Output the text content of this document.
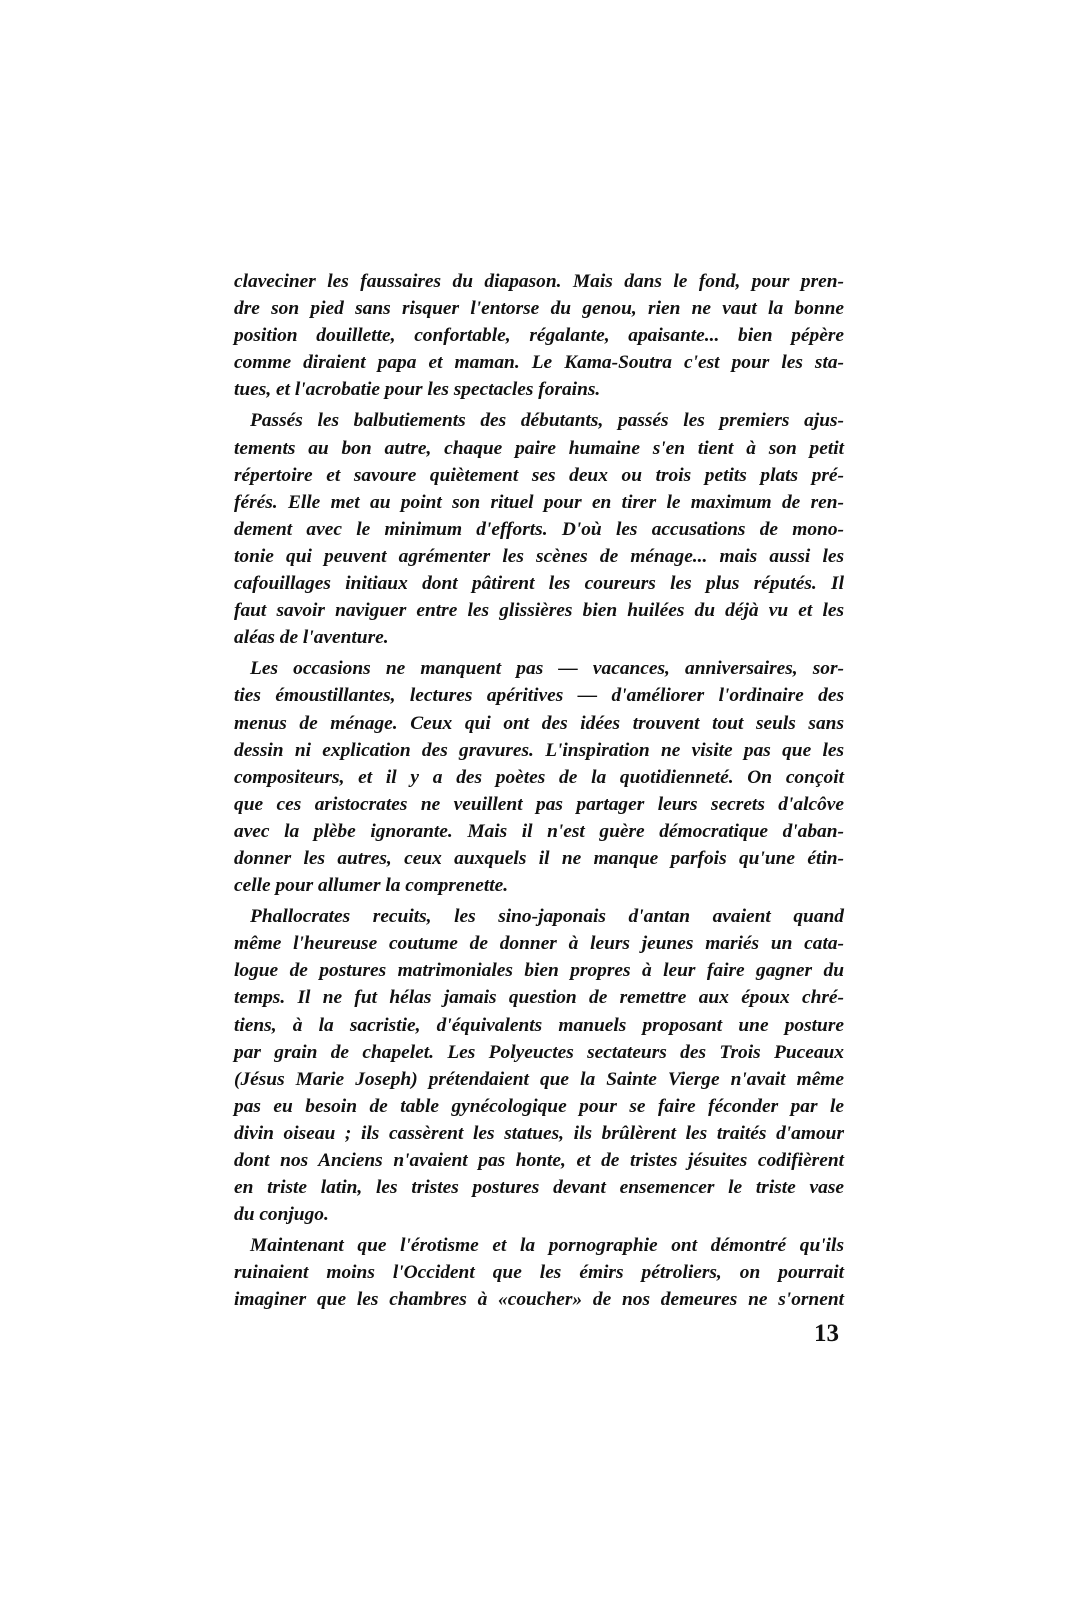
claveciner les faussaires du diapason. Mais dans le fond, pour pren-
dre son pied sans risquer l'entorse du genou, rien ne vaut la bonne
position douillette, confortable, régalante, apaisante... bien pépère
comme diraient papa et maman. Le Kama-Soutra c'est pour les sta-
tues, et l'acrobatie pour les spectacles forains.
Passés les balbutiements des débutants, passés les premiers ajus-
tements au bon autre, chaque paire humaine s'en tient à son petit
répertoire et savoure quiètement ses deux ou trois petits plats pré-
férés. Elle met au point son rituel pour en tirer le maximum de ren-
dement avec le minimum d'efforts. D'où les accusations de mono-
tonie qui peuvent agrémenter les scènes de ménage... mais aussi les
cafouillages initiaux dont pâtirent les coureurs les plus réputés. Il
faut savoir naviguer entre les glissières bien huilées du déjà vu et les
aléas de l'aventure.
Les occasions ne manquent pas — vacances, anniversaires, sor-
ties émoustillantes, lectures apéritives — d'améliorer l'ordinaire des
menus de ménage. Ceux qui ont des idées trouvent tout seuls sans
dessin ni explication des gravures. L'inspiration ne visite pas que les
compositeurs, et il y a des poètes de la quotidienneté. On conçoit
que ces aristocrates ne veuillent pas partager leurs secrets d'alcôve
avec la plèbe ignorante. Mais il n'est guère démocratique d'aban-
donner les autres, ceux auxquels il ne manque parfois qu'une étin-
celle pour allumer la comprenette.
Phallocrates recuits, les sino-japonais d'antan avaient quand
même l'heureuse coutume de donner à leurs jeunes mariés un cata-
logue de postures matrimoniales bien propres à leur faire gagner du
temps. Il ne fut hélas jamais question de remettre aux époux chré-
tiens, à la sacristie, d'équivalents manuels proposant une posture
par grain de chapelet. Les Polyeuctes sectateurs des Trois Puceaux
(Jésus Marie Joseph) prétendaient que la Sainte Vierge n'avait même
pas eu besoin de table gynécologique pour se faire féconder par le
divin oiseau ; ils cassèrent les statues, ils brûlèrent les traités d'amour
dont nos Anciens n'avaient pas honte, et de tristes jésuites codifièrent
en triste latin, les tristes postures devant ensemencer le triste vase
du conjugo.
Maintenant que l'érotisme et la pornographie ont démontré qu'ils
ruinaient moins l'Occident que les émirs pétroliers, on pourrait
imaginer que les chambres à «coucher» de nos demeures ne s'ornent
13
